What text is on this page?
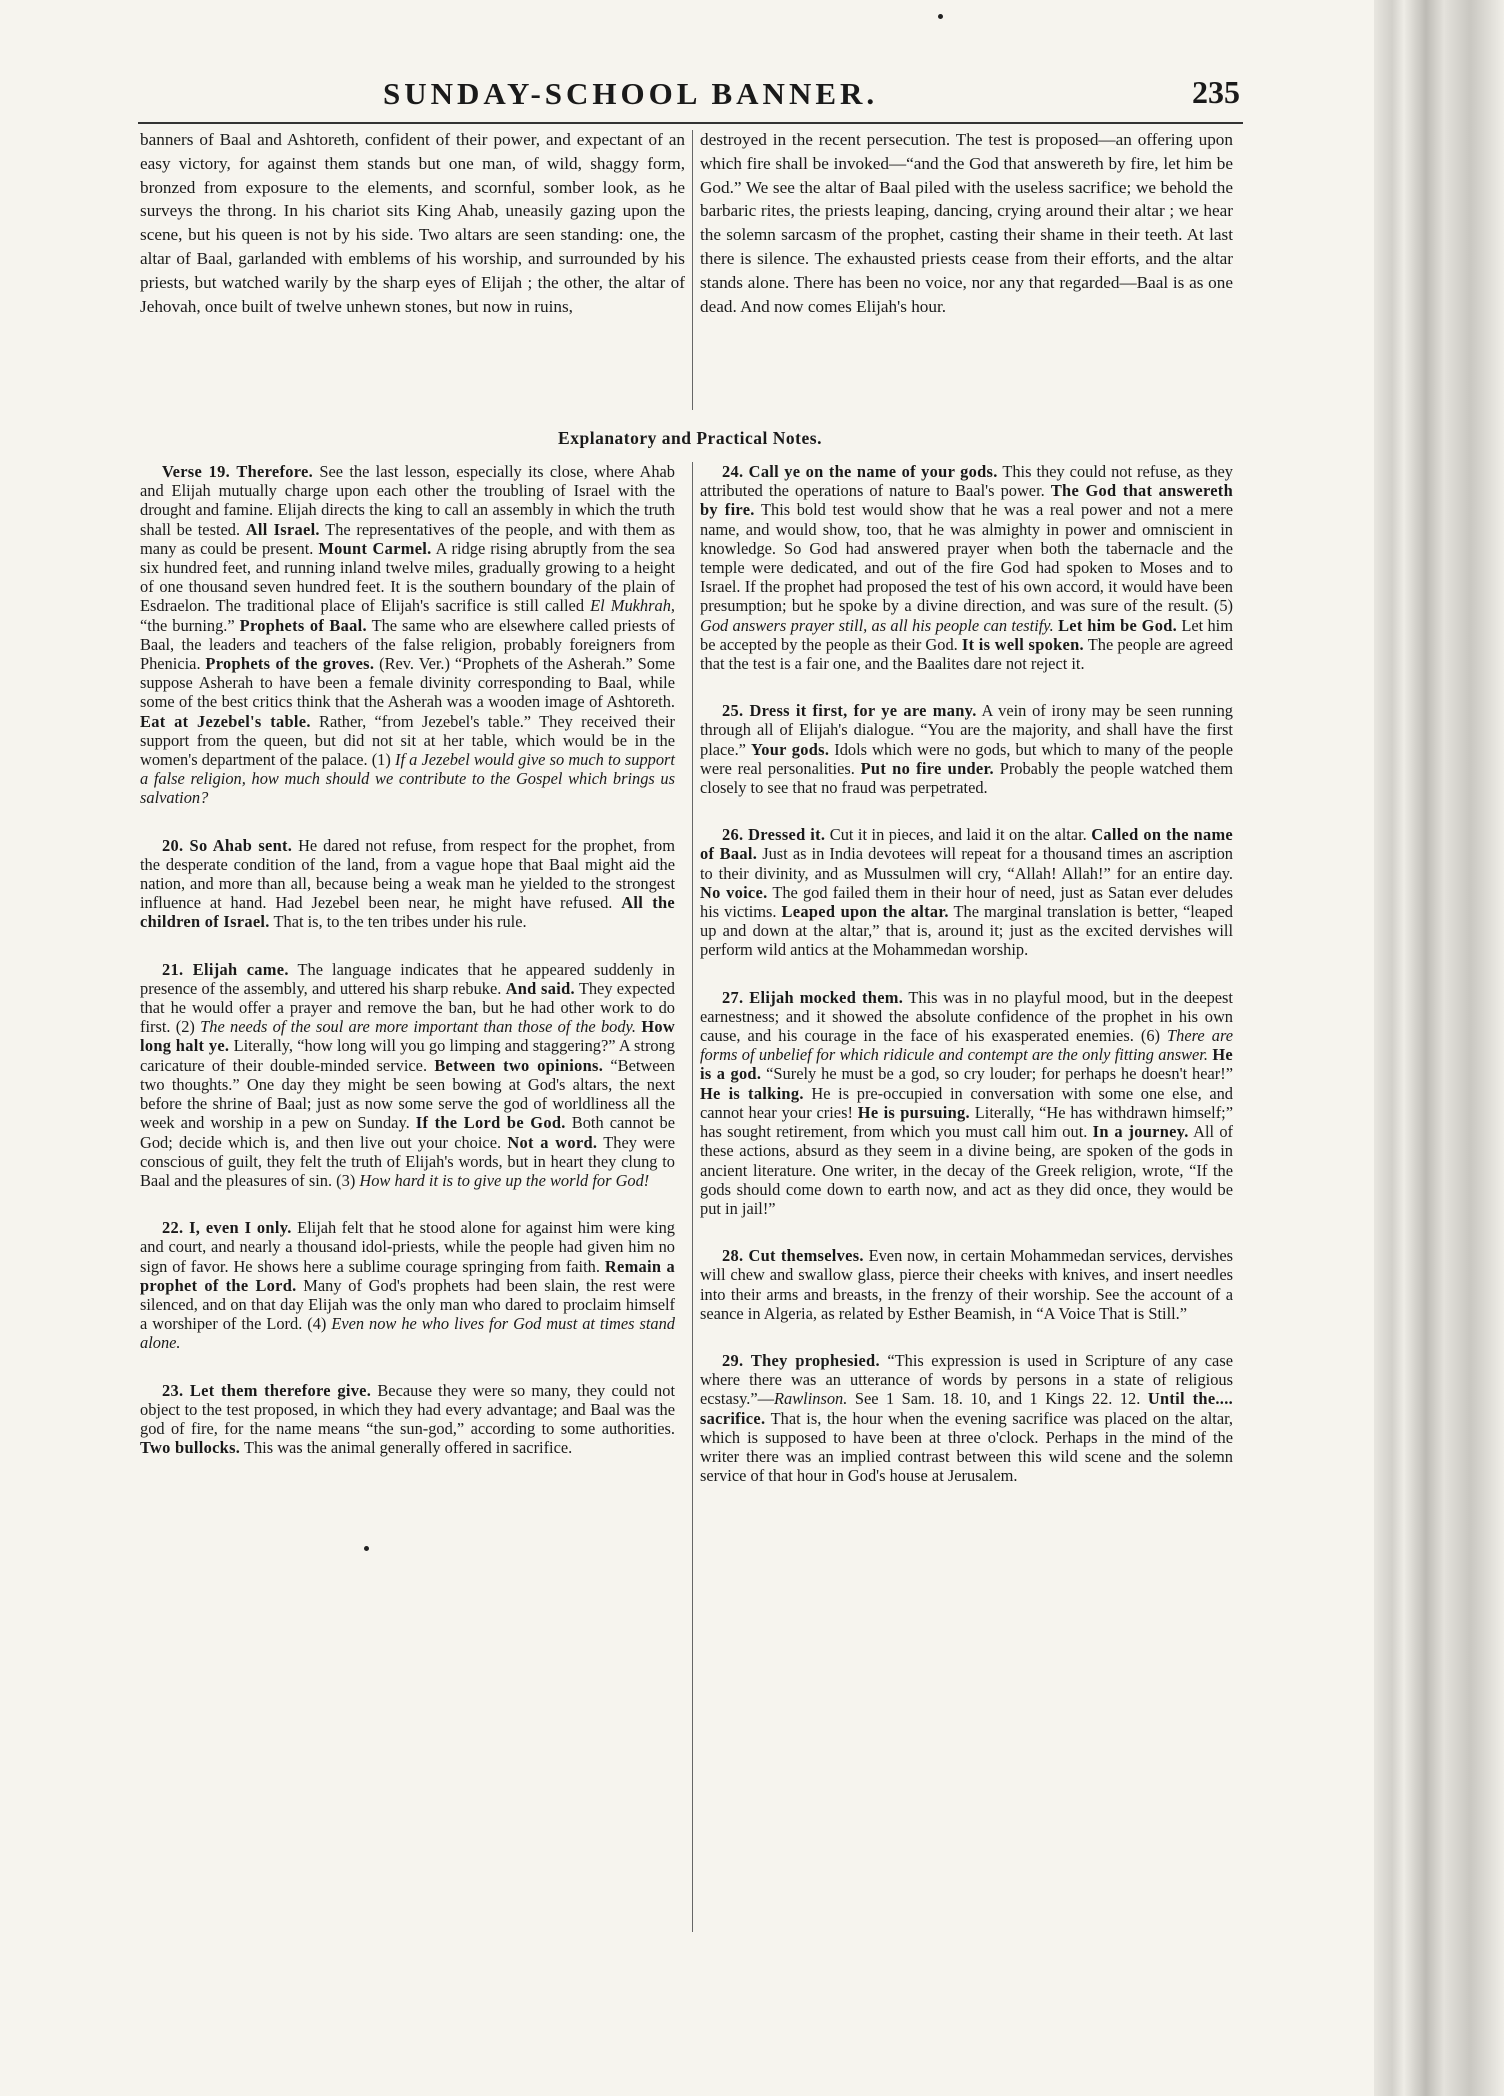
SUNDAY-SCHOOL BANNER.	235
banners of Baal and Ashtoreth, confident of their power, and expectant of an easy victory, for against them stands but one man, of wild, shaggy form, bronzed from exposure to the elements, and scornful, somber look, as he surveys the throng. In his chariot sits King Ahab, uneasily gazing upon the scene, but his queen is not by his side. Two altars are seen standing: one, the altar of Baal, garlanded with emblems of his worship, and surrounded by his priests, but watched warily by the sharp eyes of Elijah ; the other, the altar of Jehovah, once built of twelve unhewn stones, but now in ruins,
destroyed in the recent persecution. The test is proposed—an offering upon which fire shall be invoked—“and the God that answereth by fire, let him be God.” We see the altar of Baal piled with the useless sacrifice; we behold the barbaric rites, the priests leaping, dancing, crying around their altar ; we hear the solemn sarcasm of the prophet, casting their shame in their teeth. At last there is silence. The exhausted priests cease from their efforts, and the altar stands alone. There has been no voice, nor any that regarded—Baal is as one dead. And now comes Elijah's hour.
Explanatory and Practical Notes.

Verse 19. Therefore. See the last lesson, especially its close, where Ahab and Elijah mutually charge upon each other the troubling of Israel with the drought and famine. Elijah directs the king to call an assembly in which the truth shall be tested. All Israel. The representatives of the people, and with them as many as could be present. Mount Carmel. A ridge rising abruptly from the sea six hundred feet, and running inland twelve miles, gradually growing to a height of one thousand seven hundred feet. It is the southern boundary of the plain of Esdraelon. The traditional place of Elijah's sacrifice is still called El Mukhrah, “the burning.” Prophets of Baal. The same who are elsewhere called priests of Baal, the leaders and teachers of the false religion, probably foreigners from Phenicia. Prophets of the groves. (Rev. Ver.) “Prophets of the Asherah.” Some suppose Asherah to have been a female divinity corresponding to Baal, while some of the best critics think that the Asherah was a wooden image of Ashtoreth. Eat at Jezebel's table. Rather, “from Jezebel's table.” They received their support from the queen, but did not sit at her table, which would be in the women's department of the palace. (1) If a Jezebel would give so much to support a false religion, how much should we contribute to the Gospel which brings us salvation?

20. So Ahab sent. He dared not refuse, from respect for the prophet, from the desperate condition of the land, from a vague hope that Baal might aid the nation, and more than all, because being a weak man he yielded to the strongest influence at hand. Had Jezebel been near, he might have refused. All the children of Israel. That is, to the ten tribes under his rule.

21. Elijah came. The language indicates that he appeared suddenly in presence of the assembly, and uttered his sharp rebuke. And said. They expected that he would offer a prayer and remove the ban, but he had other work to do first. (2) The needs of the soul are more important than those of the body. How long halt ye. Literally, “how long will you go limping and staggering?” A strong caricature of their double-minded service. Between two opinions. “Between two thoughts.” One day they might be seen bowing at God's altars, the next before the shrine of Baal; just as now some serve the god of worldliness all the week and worship in a pew on Sunday. If the Lord be God. Both cannot be God; decide which is, and then live out your choice. Not a word. They were conscious of guilt, they felt the truth of Elijah's words, but in heart they clung to Baal and the pleasures of sin. (3) How hard it is to give up the world for God!

22. I, even I only. Elijah felt that he stood alone for against him were king and court, and nearly a thousand idol-priests, while the people had given him no sign of favor. He shows here a sublime courage springing from faith. Remain a prophet of the Lord. Many of God's prophets had been slain, the rest were silenced, and on that day Elijah was the only man who dared to proclaim himself a worshiper of the Lord. (4) Even now he who lives for God must at times stand alone.

23. Let them therefore give. Because they were so many, they could not object to the test proposed, in which they had every advantage; and Baal was the god of fire, for the name means “the sun-god,” according to some authorities. Two bullocks. This was the animal generally offered in sacrifice.

24. Call ye on the name of your gods. This they could not refuse, as they attributed the operations of nature to Baal's power. The God that answereth by fire. This bold test would show that he was a real power and not a mere name, and would show, too, that he was almighty in power and omniscient in knowledge. So God had answered prayer when both the tabernacle and the temple were dedicated, and out of the fire God had spoken to Moses and to Israel. If the prophet had proposed the test of his own accord, it would have been presumption; but he spoke by a divine direction, and was sure of the result. (5) God answers prayer still, as all his people can testify. Let him be God. Let him be accepted by the people as their God. It is well spoken. The people are agreed that the test is a fair one, and the Baalites dare not reject it.

25. Dress it first, for ye are many. A vein of irony may be seen running through all of Elijah's dialogue. “You are the majority, and shall have the first place.” Your gods. Idols which were no gods, but which to many of the people were real personalities. Put no fire under. Probably the people watched them closely to see that no fraud was perpetrated.

26. Dressed it. Cut it in pieces, and laid it on the altar. Called on the name of Baal. Just as in India devotees will repeat for a thousand times an ascription to their divinity, and as Mussulmen will cry, “Allah! Allah!” for an entire day. No voice. The god failed them in their hour of need, just as Satan ever deludes his victims. Leaped upon the altar. The marginal translation is better, “leaped up and down at the altar,” that is, around it; just as the excited dervishes will perform wild antics at the Mohammedan worship.

27. Elijah mocked them. This was in no playful mood, but in the deepest earnestness; and it showed the absolute confidence of the prophet in his own cause, and his courage in the face of his exasperated enemies. (6) There are forms of unbelief for which ridicule and contempt are the only fitting answer. He is a god. “Surely he must be a god, so cry louder; for perhaps he doesn't hear!” He is talking. He is pre-occupied in conversation with some one else, and cannot hear your cries! He is pursuing. Literally, “He has withdrawn himself;” has sought retirement, from which you must call him out. In a journey. All of these actions, absurd as they seem in a divine being, are spoken of the gods in ancient literature. One writer, in the decay of the Greek religion, wrote, “If the gods should come down to earth now, and act as they did once, they would be put in jail!”

28. Cut themselves. Even now, in certain Mohammedan services, dervishes will chew and swallow glass, pierce their cheeks with knives, and insert needles into their arms and breasts, in the frenzy of their worship. See the account of a seance in Algeria, as related by Esther Beamish, in “A Voice That is Still.”

29. They prophesied. “This expression is used in Scripture of any case where there was an utterance of words by persons in a state of religious ecstasy.”—Rawlinson. See 1 Sam. 18. 10, and 1 Kings 22. 12. Until the.... sacrifice. That is, the hour when the evening sacrifice was placed on the altar, which is supposed to have been at three o'clock. Perhaps in the mind of the writer there was an implied contrast between this wild scene and the solemn service of that hour in God's house at Jerusalem.
